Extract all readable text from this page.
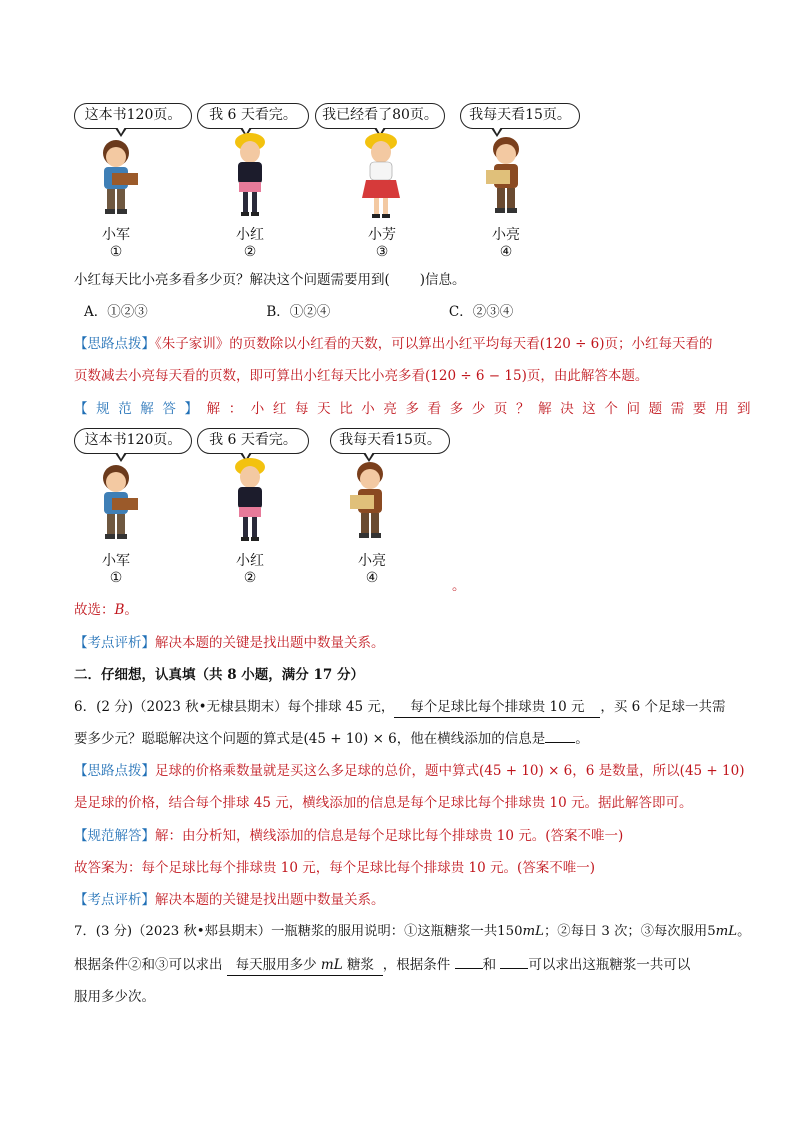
这本书120页。	我 6 天看完。	我已经看了80页。	我每天看15页。
小军	小红	小芳	小亮
①	②	③	④
小红每天比小亮多看多少页？解决这个问题需要用到( )信息。
A．①②③	B．①②④	C．②③④
【思路点拨】《朱子家训》的页数除以小红看的天数，可以算出小红平均每天看(120 ÷ 6)页；小红每天看的
页数减去小亮每天看的页数，即可算出小红每天比小亮多看(120 ÷ 6 − 15)页，由此解答本题。
【规范解答】解：小红每天比小亮多看多少页？解决这个问题需要用到
这本书120页。	我 6 天看完。	我每天看15页。
小军	小红	小亮
①	②	④	。
故选：B。
【考点评析】解决本题的关键是找出题中数量关系。
二．仔细想，认真填（共 8 小题，满分 17 分）
6．(2 分)（2023 秋•无棣县期末）每个排球 45 元， 每个足球比每个排球贵 10 元 ，买 6 个足球一共需
要多少元？聪聪解决这个问题的算式是(45 + 10) × 6，他在横线添加的信息是 。
【思路点拨】足球的价格乘数量就是买这么多足球的总价，题中算式(45 + 10) × 6，6 是数量，所以(45 + 10)
是足球的价格，结合每个排球 45 元，横线添加的信息是每个足球比每个排球贵 10 元。据此解答即可。
【规范解答】解：由分析知，横线添加的信息是每个足球比每个排球贵 10 元。(答案不唯一)
故答案为：每个足球比每个排球贵 10 元，每个足球比每个排球贵 10 元。(答案不唯一)
【考点评析】解决本题的关键是找出题中数量关系。
7．(3 分)（2023 秋•郏县期末）一瓶糖浆的服用说明：①这瓶糖浆一共150mL；②每日 3 次；③每次服用5mL。
根据条件②和③可以求出 每天服用多少 mL 糖浆 ，根据条件 和 可以求出这瓶糖浆一共可以
服用多少次。
